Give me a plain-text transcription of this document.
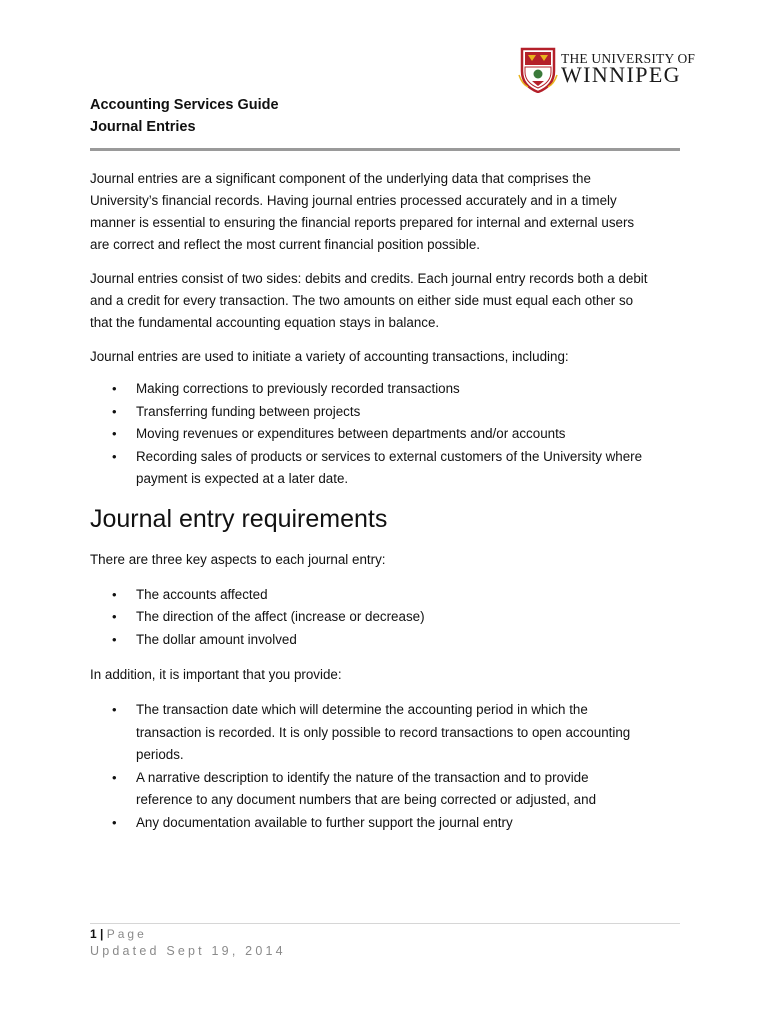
THE UNIVERSITY OF
WINNIPEG

Accounting Services Guide

Journal Entries

Journal entries are a significant component of the underlying data that comprises the
University’s financial records. Having journal entries processed accurately and in a timely
manner is essential to ensuring the financial reports prepared for internal and external users
are correct and reflect the most current financial position possible.

Journal entries consist of two sides: debits and credits. Each journal entry records both a debit
and a credit for every transaction. The two amounts on either side must equal each other so
that the fundamental accounting equation stays in balance.

Journal entries are used to initiate a variety of accounting transactions, including:

• Making corrections to previously recorded transactions
• Transferring funding between projects
• Moving revenues or expenditures between departments and/or accounts
• Recording sales of products or services to external customers of the University where
payment is expected at a later date.
Journal entry requirements

There are three key aspects to each journal entry:

• The accounts affected
• The direction of the affect (increase or decrease)
• The dollar amount involved

In addition, it is important that you provide:

• The transaction date which will determine the accounting period in which the
transaction is recorded. It is only possible to record transactions to open accounting
periods.
• A narrative description to identify the nature of the transaction and to provide
reference to any document numbers that are being corrected or adjusted, and
• Any documentation available to further support the journal entry
1 | Page
Updated Sept 19, 2014
